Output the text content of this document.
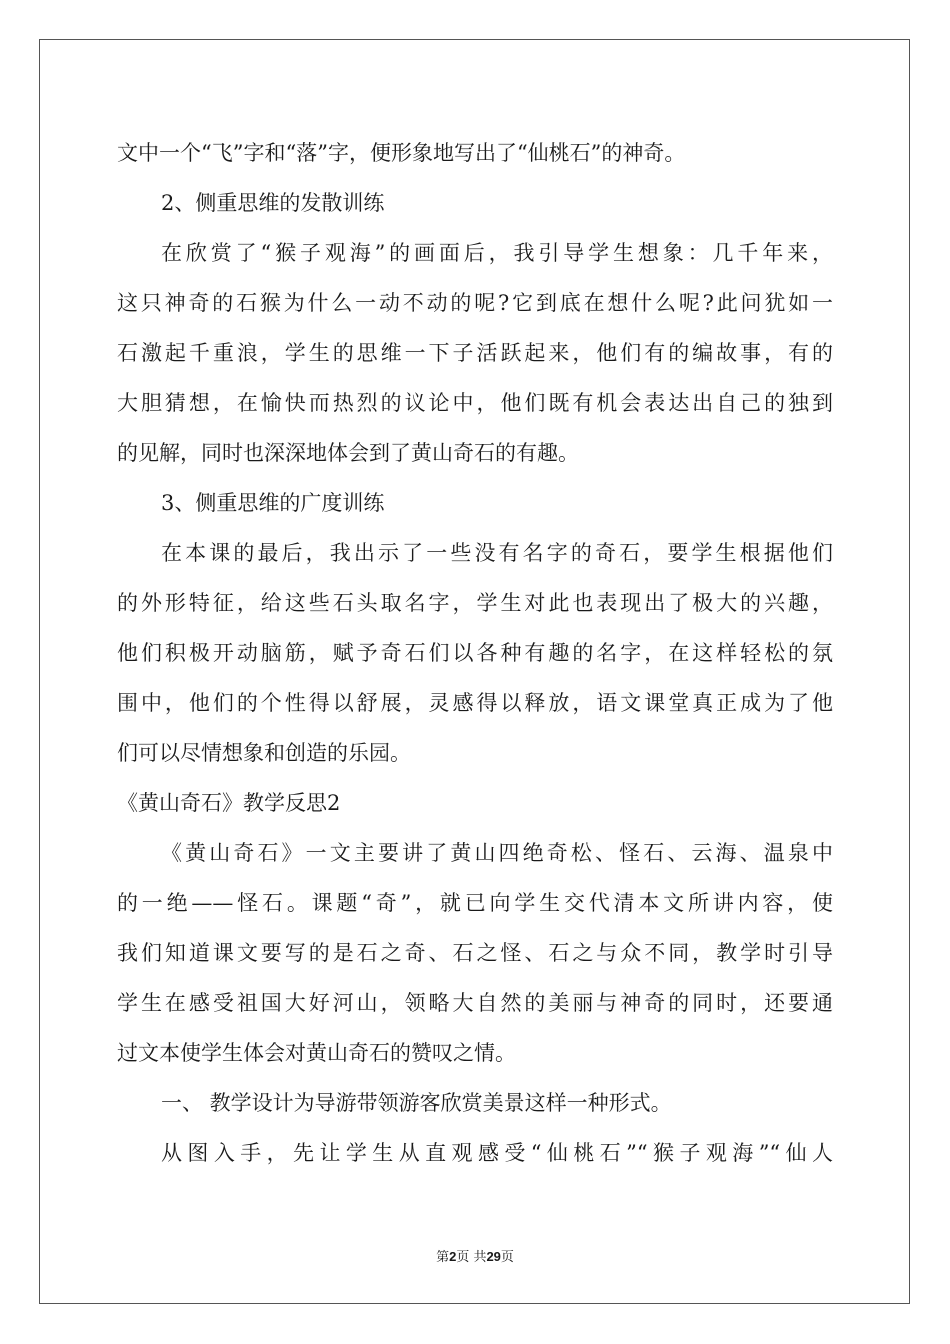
文中一个“飞”字和“落”字，便形象地写出了“仙桃石”的神奇。
2、侧重思维的发散训练
在欣赏了“猴子观海”的画面后，我引导学生想象：几千年来，
这只神奇的石猴为什么一动不动的呢?它到底在想什么呢?此问犹如一
石激起千重浪，学生的思维一下子活跃起来，他们有的编故事，有的
大胆猜想，在愉快而热烈的议论中，他们既有机会表达出自己的独到
的见解，同时也深深地体会到了黄山奇石的有趣。
3、侧重思维的广度训练
在本课的最后，我出示了一些没有名字的奇石，要学生根据他们
的外形特征，给这些石头取名字，学生对此也表现出了极大的兴趣，
他们积极开动脑筋，赋予奇石们以各种有趣的名字，在这样轻松的氛
围中，他们的个性得以舒展，灵感得以释放，语文课堂真正成为了他
们可以尽情想象和创造的乐园。
《黄山奇石》教学反思2
《黄山奇石》一文主要讲了黄山四绝奇松、怪石、云海、温泉中
的一绝——怪石。课题“奇”，就已向学生交代清本文所讲内容，使
我们知道课文要写的是石之奇、石之怪、石之与众不同，教学时引导
学生在感受祖国大好河山，领略大自然的美丽与神奇的同时，还要通
过文本使学生体会对黄山奇石的赞叹之情。
一、 教学设计为导游带领游客欣赏美景这样一种形式。
从图入手，先让学生从直观感受“仙桃石”“猴子观海”“仙人
第2页 共29页
